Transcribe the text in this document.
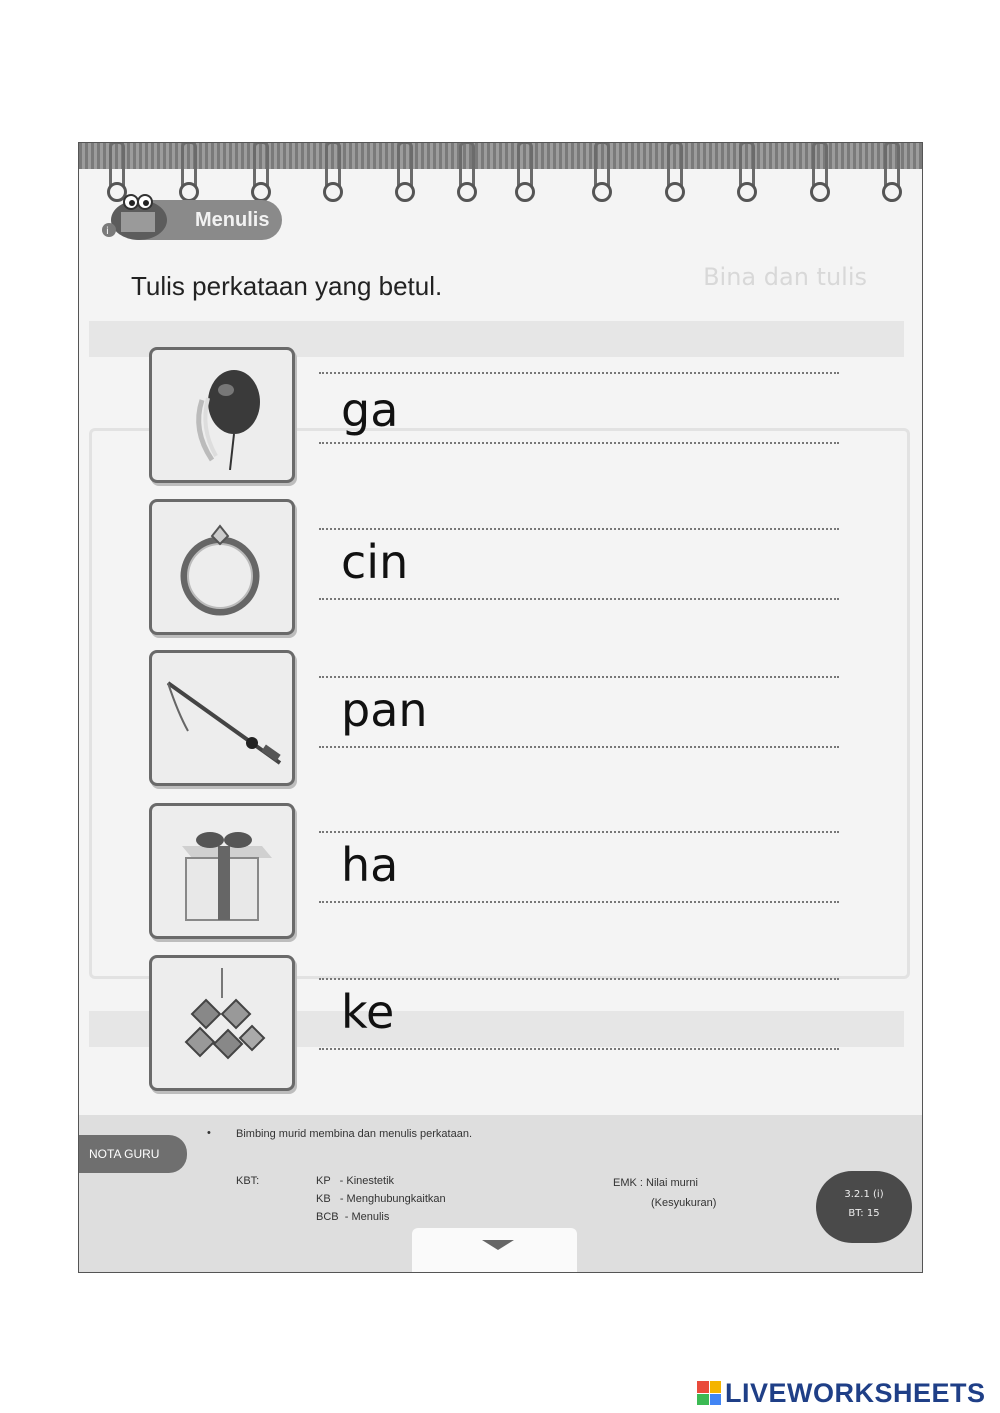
Bina dan tulis
Menulis
i
Tulis perkataan yang betul.
ga
cin
pan
ha
ke
NOTA GURU
• Bimbing murid membina dan menulis perkataan.
KBT:	KP   - Kinestetik
KB   - Menghubungkaitkan
BCB  - Menulis
EMK : Nilai murni
(Kesyukuran)
3.2.1 (i)
BT: 15
LIVEWORKSHEETS
